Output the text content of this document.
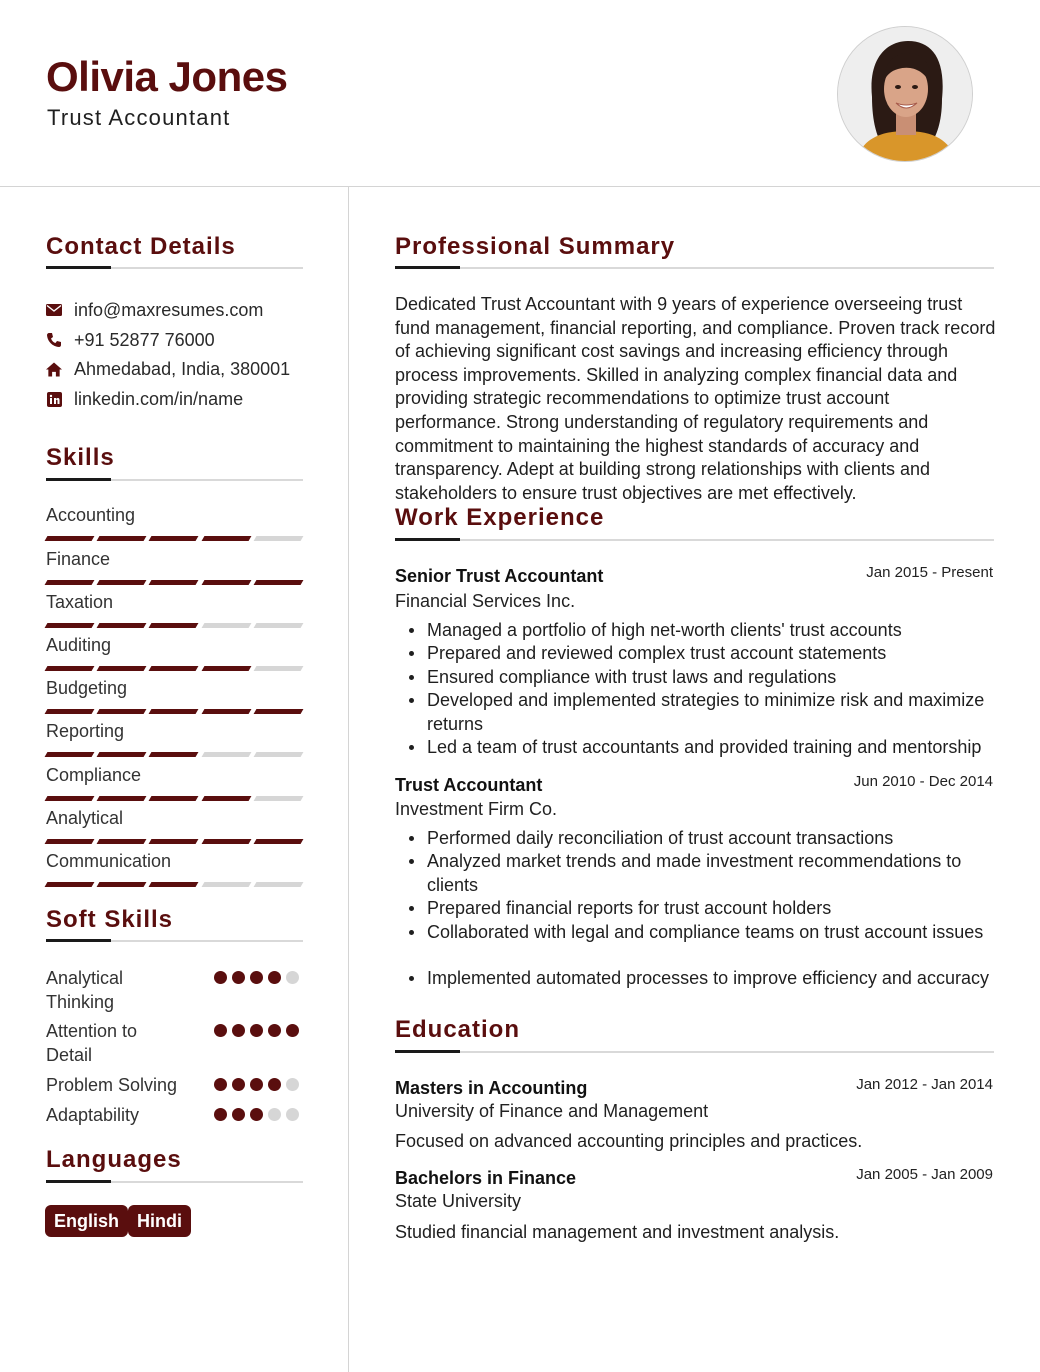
Olivia Jones
Trust Accountant
Contact Details
info@maxresumes.com
+91 52877 76000
Ahmedabad, India, 380001
linkedin.com/in/name
Skills
Accounting
Finance
Taxation
Auditing
Budgeting
Reporting
Compliance
Analytical
Communication
Soft Skills
Analytical Thinking
Attention to Detail
Problem Solving
Adaptability
Languages
English Hindi
Professional Summary
Dedicated Trust Accountant with 9 years of experience overseeing trust fund management, financial reporting, and compliance. Proven track record of achieving significant cost savings and increasing efficiency through process improvements. Skilled in analyzing complex financial data and providing strategic recommendations to optimize trust account performance. Strong understanding of regulatory requirements and commitment to maintaining the highest standards of accuracy and transparency. Adept at building strong relationships with clients and stakeholders to ensure trust objectives are met effectively.
Work Experience
Senior Trust Accountant	Jan 2015 - Present
Financial Services Inc.
Managed a portfolio of high net-worth clients' trust accounts
Prepared and reviewed complex trust account statements
Ensured compliance with trust laws and regulations
Developed and implemented strategies to minimize risk and maximize returns
Led a team of trust accountants and provided training and mentorship
Trust Accountant	Jun 2010 - Dec 2014
Investment Firm Co.
Performed daily reconciliation of trust account transactions
Analyzed market trends and made investment recommendations to clients
Prepared financial reports for trust account holders
Collaborated with legal and compliance teams on trust account issues
Implemented automated processes to improve efficiency and accuracy
Education
Masters in Accounting	Jan 2012 - Jan 2014
University of Finance and Management
Focused on advanced accounting principles and practices.
Bachelors in Finance	Jan 2005 - Jan 2009
State University
Studied financial management and investment analysis.
